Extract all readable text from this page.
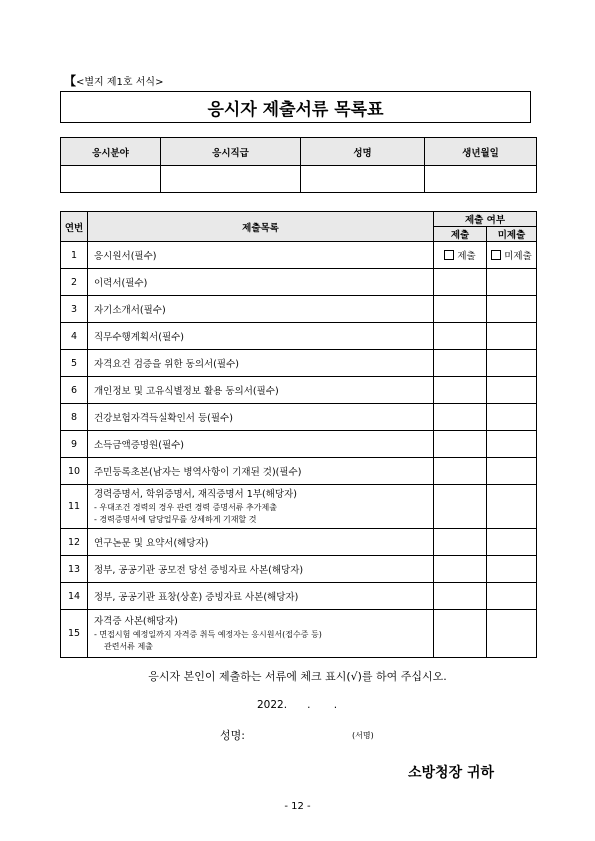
【<별지 제1호 서식>
응시자 제출서류 목록표
응시분야	응시직급	성명	생년월일

연번	제출목록	제출 여부	
		제출	미제출
1	응시원서(필수)	제출	미제출
2	이력서(필수)		
3	자기소개서(필수)		
4	직무수행계획서(필수)		
5	자격요건 검증을 위한 동의서(필수)		
6	개인정보 및 고유식별정보 활용 동의서(필수)		
8	건강보험자격득실확인서 등(필수)		
9	소득금액증명원(필수)		
10	주민등록초본(남자는 병역사항이 기재된 것)(필수)		
11	경력증명서, 학위증명서, 재직증명서 1부(해당자)
- 우대조건 경력의 경우 관련 경력 증명서류 추가제출
- 경력증명서에 담당업무를 상세하게 기재할 것		

12	연구논문 및 요약서(해당자)		
13	정부, 공공기관 공모전 당선 증빙자료 사본(해당자)		
14	정부, 공공기관 표창(상훈) 증빙자료 사본(해당자)		
15	자격증 사본(해당자)
- 면접시험 예정일까지 자격증 취득 예정자는 응시원서(접수증 등)
관련서류 제출		

응시자 본인이 제출하는 서류에 체크 표시(√)를 하여 주십시오.
2022.      .       .
성명:	(서명)
소방청장 귀하
- 12 -
